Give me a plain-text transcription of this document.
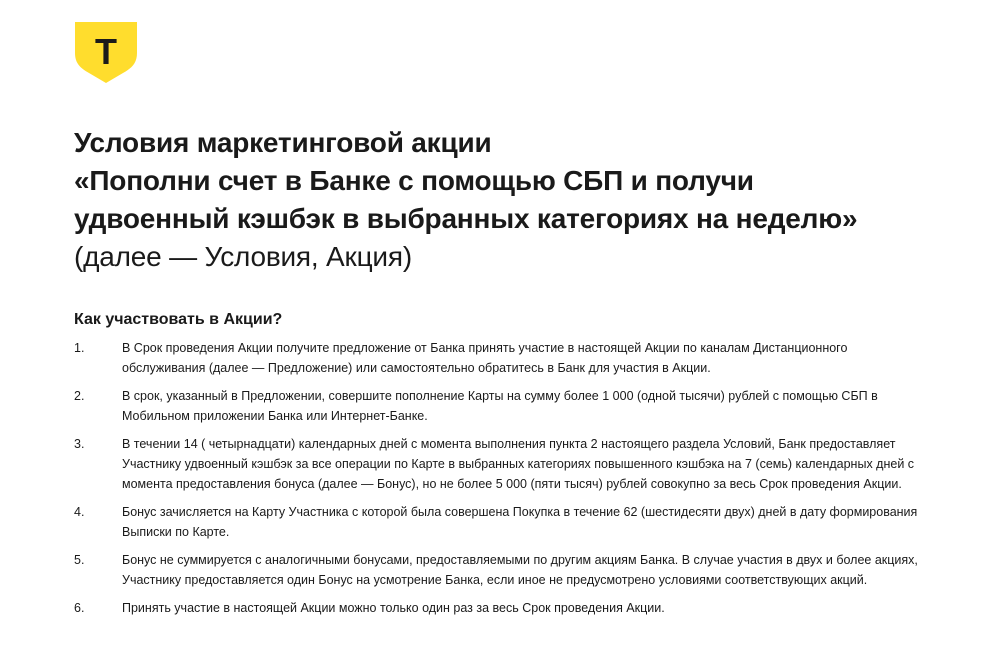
T
Условия маркетинговой акции
«Пополни счет в Банке с помощью СБП и получи
удвоенный кэшбэк в выбранных категориях на неделю»
(далее — Условия, Акция)
Как участвовать в Акции?
1.	В Срок проведения Акции получите предложение от Банка принять участие в настоящей Акции по каналам Дистанционного обслуживания (далее — Предложение) или самостоятельно обратитесь в Банк для участия в Акции.
2.	В срок, указанный в Предложении, совершите пополнение Карты на сумму более 1 000 (одной тысячи) рублей с помощью СБП в Мобильном приложении Банка или Интернет-Банке.
3.	В течении 14 ( четырнадцати) календарных дней с момента выполнения пункта 2 настоящего раздела Условий, Банк предоставляет Участнику удвоенный кэшбэк за все операции по Карте в выбранных категориях повышенного кэшбэка на 7 (семь) календарных дней с момента предоставления бонуса (далее — Бонус), но не более 5 000 (пяти тысяч) рублей совокупно за весь Срок проведения Акции.
4.	Бонус зачисляется на Карту Участника с которой была совершена Покупка в течение 62 (шестидесяти двух) дней в дату формирования Выписки по Карте.
5.	Бонус не суммируется с аналогичными бонусами, предоставляемыми по другим акциям Банка. В случае участия в двух и более акциях, Участнику предоставляется один Бонус на усмотрение Банка, если иное не предусмотрено условиями соответствующих акций.
6.	Принять участие в настоящей Акции можно только один раз за весь Срок проведения Акции.
